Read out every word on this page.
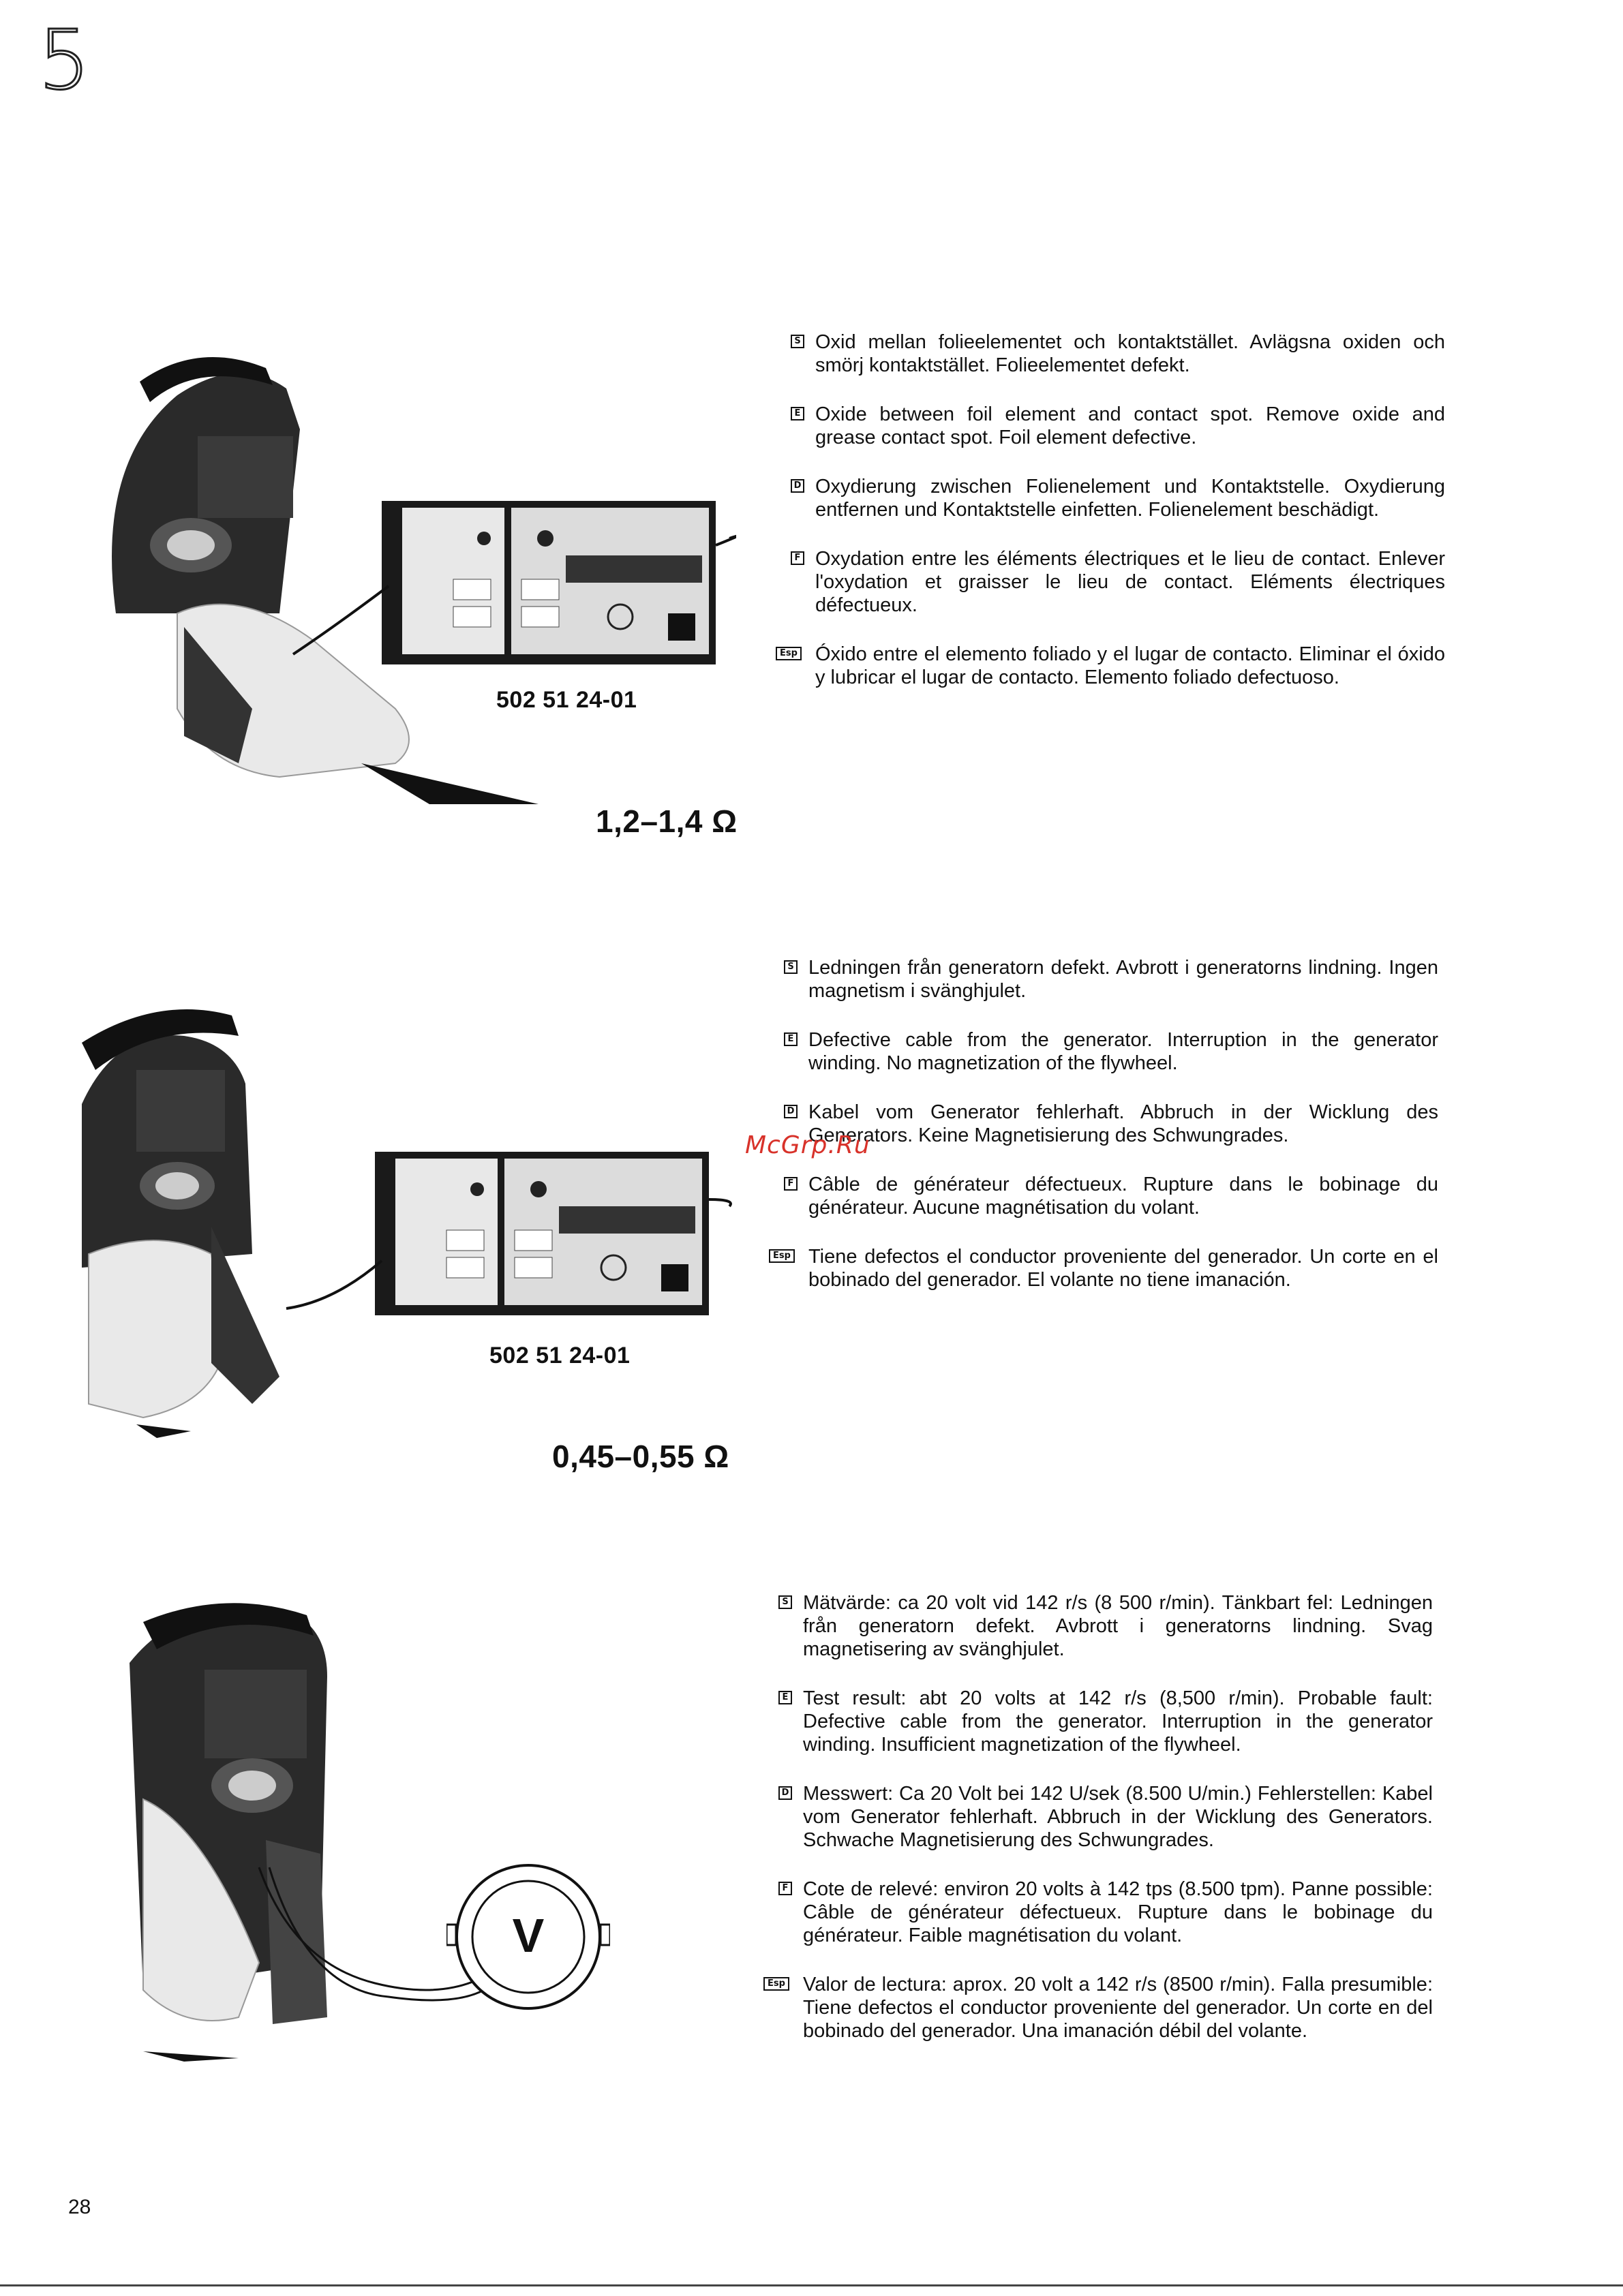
5
502 51 24-01
1,2–1,4 Ω

S Oxid mellan folieelementet och kontaktstället. Avlägsna oxiden och smörj kontaktstället. Folieelementet defekt.

E Oxide between foil element and contact spot. Remove oxide and grease contact spot. Foil element defective.

D Oxydierung zwischen Folienelement und Kontaktstelle. Oxydierung entfernen und Kontaktstelle einfetten. Folienelement beschädigt.

F Oxydation entre les éléments électriques et le lieu de contact. Enlever l'oxydation et graisser le lieu de contact. Eléments électriques défectueux.

Esp Óxido entre el elemento foliado y el lugar de contacto. Eliminar el óxido y lubricar el lugar de contacto. Elemento foliado defectuoso.

502 51 24-01
0,45–0,55 Ω

S Ledningen från generatorn defekt. Avbrott i generatorns lindning. Ingen magnetism i svänghjulet.

E Defective cable from the generator. Interruption in the generator winding. No magnetization of the flywheel.

D Kabel vom Generator fehlerhaft. Abbruch in der Wicklung des Generators. Keine Magnetisierung des Schwungrades.

F Câble de générateur défectueux. Rupture dans le bobinage du générateur. Aucune magnétisation du volant.

Esp Tiene defectos el conductor proveniente del generador. Un corte en el bobinado del generador. El volante no tiene imanación.

McGrp.Ru
V

S Mätvärde: ca 20 volt vid 142 r/s (8 500 r/min). Tänkbart fel: Ledningen från generatorn defekt. Avbrott i generatorns lindning. Svag magnetisering av svänghjulet.

E Test result: abt 20 volts at 142 r/s (8,500 r/min). Probable fault: Defective cable from the generator. Interruption in the generator winding. Insufficient magnetization of the flywheel.

D Messwert: Ca 20 Volt bei 142 U/sek (8.500 U/min.) Fehlerstellen: Kabel vom Generator fehlerhaft. Abbruch in der Wicklung des Generators. Schwache Magnetisierung des Schwungrades.

F Cote de relevé: environ 20 volts à 142 tps (8.500 tpm). Panne possible: Câble de générateur défectueux. Rupture dans le bobinage du générateur. Faible magnétisation du volant.

Esp Valor de lectura: aprox. 20 volt a 142 r/s (8500 r/min). Falla presumible: Tiene defectos el conductor proveniente del generador. Un corte en del bobinado del generador. Una imanación débil del volante.

28
